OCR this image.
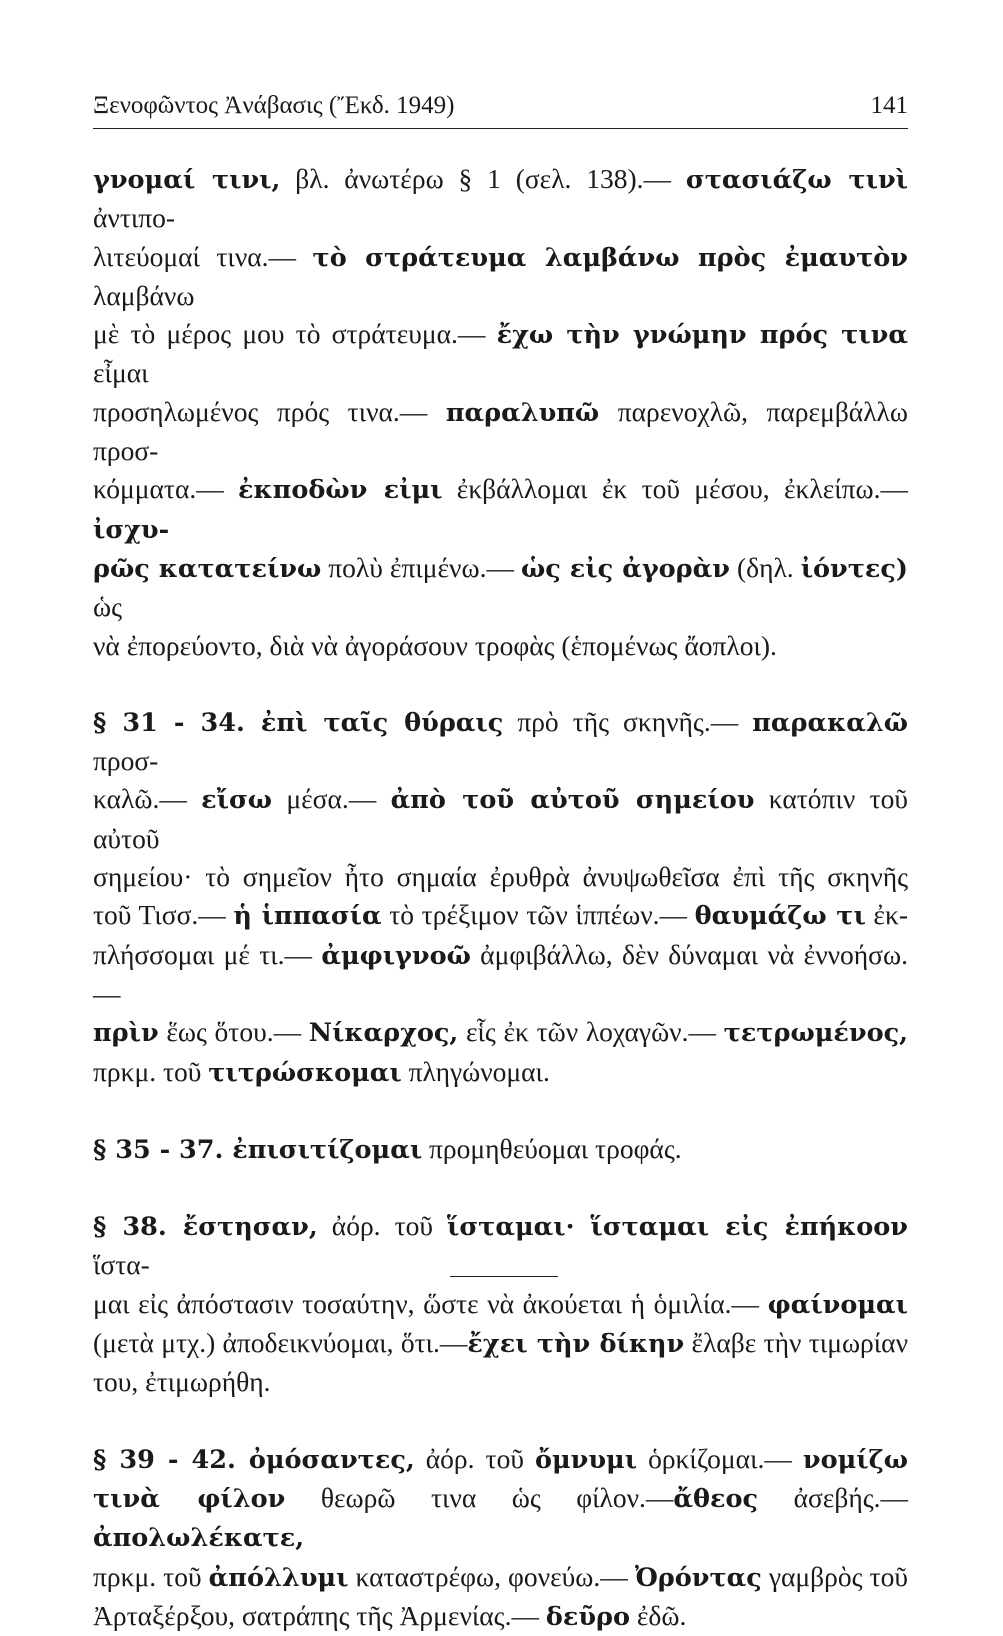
Ξενοφῶντος Ἀνάβασις (Ἔκδ. 1949)	141

γνομαί τινι, βλ. ἀνωτέρω § 1 (σελ. 138).— στασιάζω τινὶ ἀντιπο-

λιτεύομαί τινα.— τὸ στράτευμα λαμβάνω πρὸς ἐμαυτὸν λαμβάνω

μὲ τὸ μέρος μου τὸ στράτευμα.— ἔχω τὴν γνώμην πρός τινα εἶμαι

προσηλωμένος πρός τινα.— παραλυπῶ παρενοχλῶ, παρεμβάλλω προσ-

κόμματα.— ἐκποδὼν εἰμι ἐκβάλλομαι ἐκ τοῦ μέσου, ἐκλείπω.—ἰσχυ-

ρῶς κατατείνω πολὺ ἐπιμένω.— ὡς εἰς ἀγορὰν (δηλ. ἰόντες) ὡς

νὰ ἐπορεύοντο, διὰ νὰ ἀγοράσουν τροφὰς (ἑπομένως ἄοπλοι).

§ 31 - 34. ἐπὶ ταῖς θύραις πρὸ τῆς σκηνῆς.— παρακαλῶ προσ-

καλῶ.— εἴσω μέσα.— ἀπὸ τοῦ αὐτοῦ σημείου κατόπιν τοῦ αὐτοῦ

σημείου· τὸ σημεῖον ἦτο σημαία ἐρυθρὰ ἀνυψωθεῖσα ἐπὶ τῆς σκηνῆς

τοῦ Τισσ.— ἡ ἱππασία τὸ τρέξιμον τῶν ἱππέων.— θαυμάζω τι ἐκ-

πλήσσομαι μέ τι.— ἀμφιγνοῶ ἀμφιβάλλω, δὲν δύναμαι νὰ ἐννοήσω.—

πρὶν ἕως ὅτου.— Νίκαρχος, εἷς ἐκ τῶν λοχαγῶν.— τετρωμένος,

πρκμ. τοῦ τιτρώσκομαι πληγώνομαι.

§ 35 - 37. ἐπισιτίζομαι προμηθεύομαι τροφάς.

§ 38. ἔστησαν, ἀόρ. τοῦ ἵσταμαι· ἵσταμαι εἰς ἐπήκοον ἵστα-

μαι εἰς ἀπόστασιν τοσαύτην, ὥστε νὰ ἀκούεται ἡ ὁμιλία.— φαίνομαι

(μετὰ μτχ.) ἀποδεικνύομαι, ὅτι.—ἔχει τὴν δίκην ἔλαβε τὴν τιμωρίαν

του, ἐτιμωρήθη.

§ 39 - 42. ὀμόσαντες, ἀόρ. τοῦ ὄμνυμι ὁρκίζομαι.— νομίζω

τινὰ φίλον θεωρῶ τινα ὡς φίλον.—ἄθεος ἀσεβής.— ἀπολωλέκατε,

πρκμ. τοῦ ἀπόλλυμι καταστρέφω, φονεύω.— Ὀρόντας γαμβρὸς τοῦ

Ἀρταξέρξου, σατράπης τῆς Ἀρμενίας.— δεῦρο ἐδῶ.
